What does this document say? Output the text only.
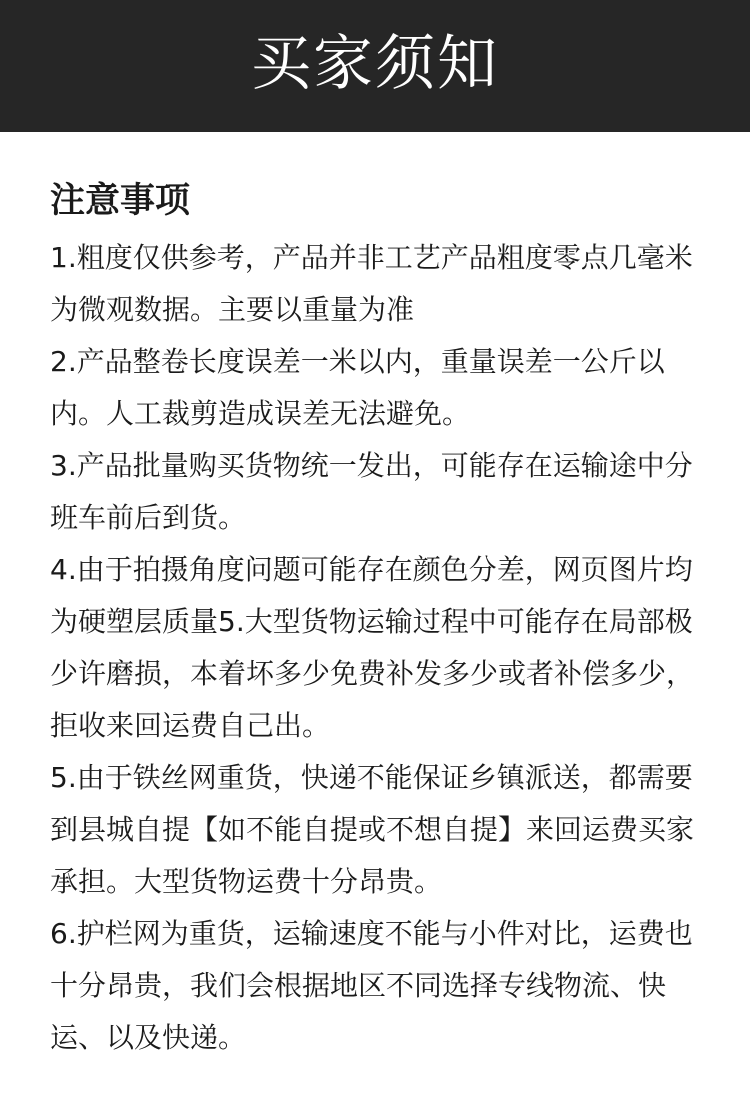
买家须知
注意事项

1.粗度仅供参考，产品并非工艺产品粗度零点几毫米为微观数据。主要以重量为准

2.产品整卷长度误差一米以内，重量误差一公斤以内。人工裁剪造成误差无法避免。

3.产品批量购买货物统一发出，可能存在运输途中分班车前后到货。

4.由于拍摄角度问题可能存在颜色分差，网页图片均为硬塑层质量5.大型货物运输过程中可能存在局部极少许磨损，本着坏多少免费补发多少或者补偿多少，拒收来回运费自己出。

5.由于铁丝网重货，快递不能保证乡镇派送，都需要到县城自提【如不能自提或不想自提】来回运费买家承担。大型货物运费十分昂贵。

6.护栏网为重货，运输速度不能与小件对比，运费也十分昂贵，我们会根据地区不同选择专线物流、快运、以及快递。
